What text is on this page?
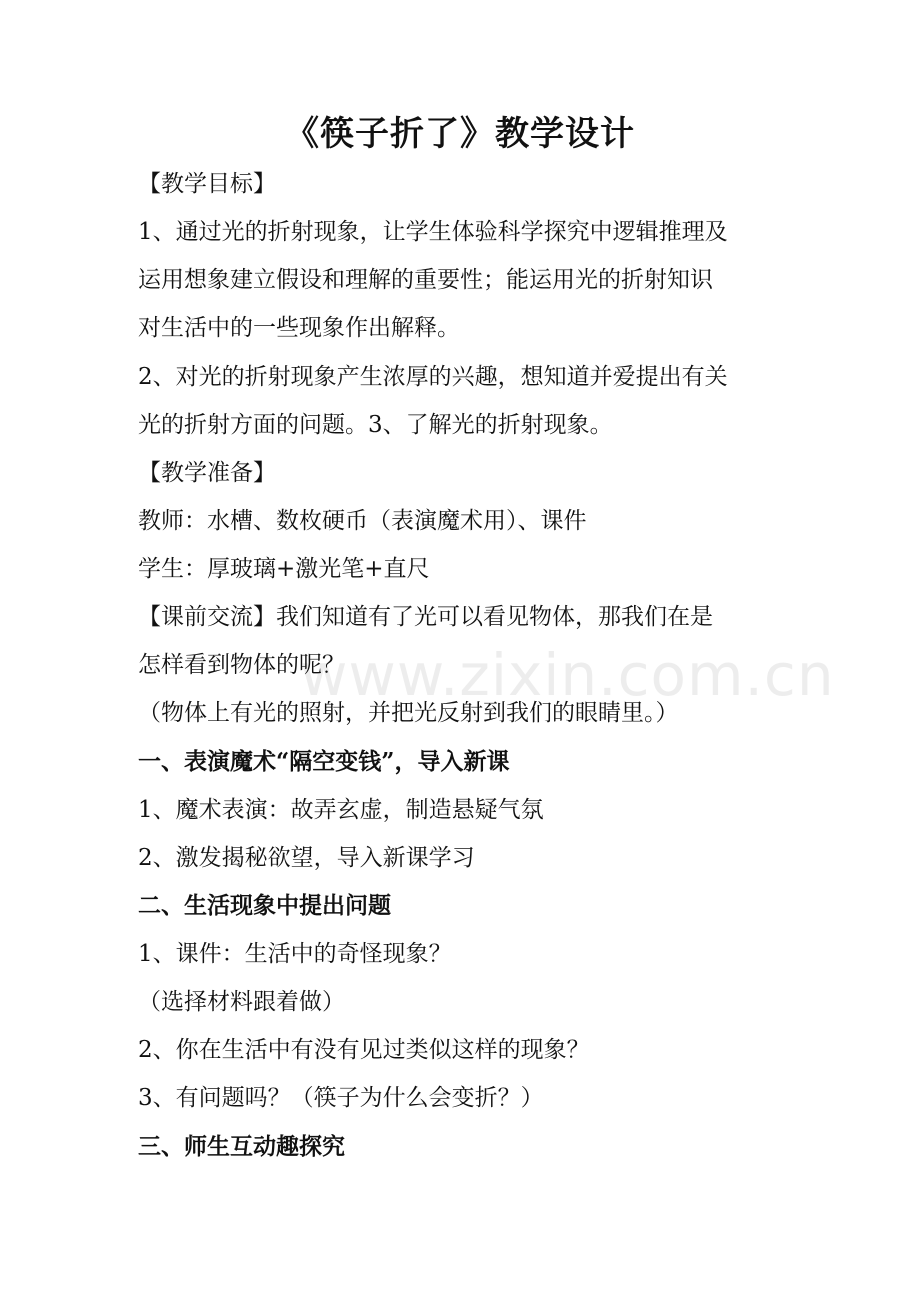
www.zixin.com.cn
《筷子折了》教学设计
【教学目标】
1、通过光的折射现象，让学生体验科学探究中逻辑推理及
运用想象建立假设和理解的重要性；能运用光的折射知识
对生活中的一些现象作出解释。
2、对光的折射现象产生浓厚的兴趣，想知道并爱提出有关
光的折射方面的问题。3、了解光的折射现象。
【教学准备】
教师：水槽、数枚硬币（表演魔术用）、课件
学生：厚玻璃+激光笔+直尺
【课前交流】我们知道有了光可以看见物体，那我们在是
怎样看到物体的呢？
（物体上有光的照射，并把光反射到我们的眼睛里。）
一、表演魔术“隔空变钱”，导入新课
1、魔术表演：故弄玄虚，制造悬疑气氛
2、激发揭秘欲望，导入新课学习
二、生活现象中提出问题
1、课件：生活中的奇怪现象？
（选择材料跟着做）
2、你在生活中有没有见过类似这样的现象？
3、有问题吗？（筷子为什么会变折？）
三、师生互动趣探究
